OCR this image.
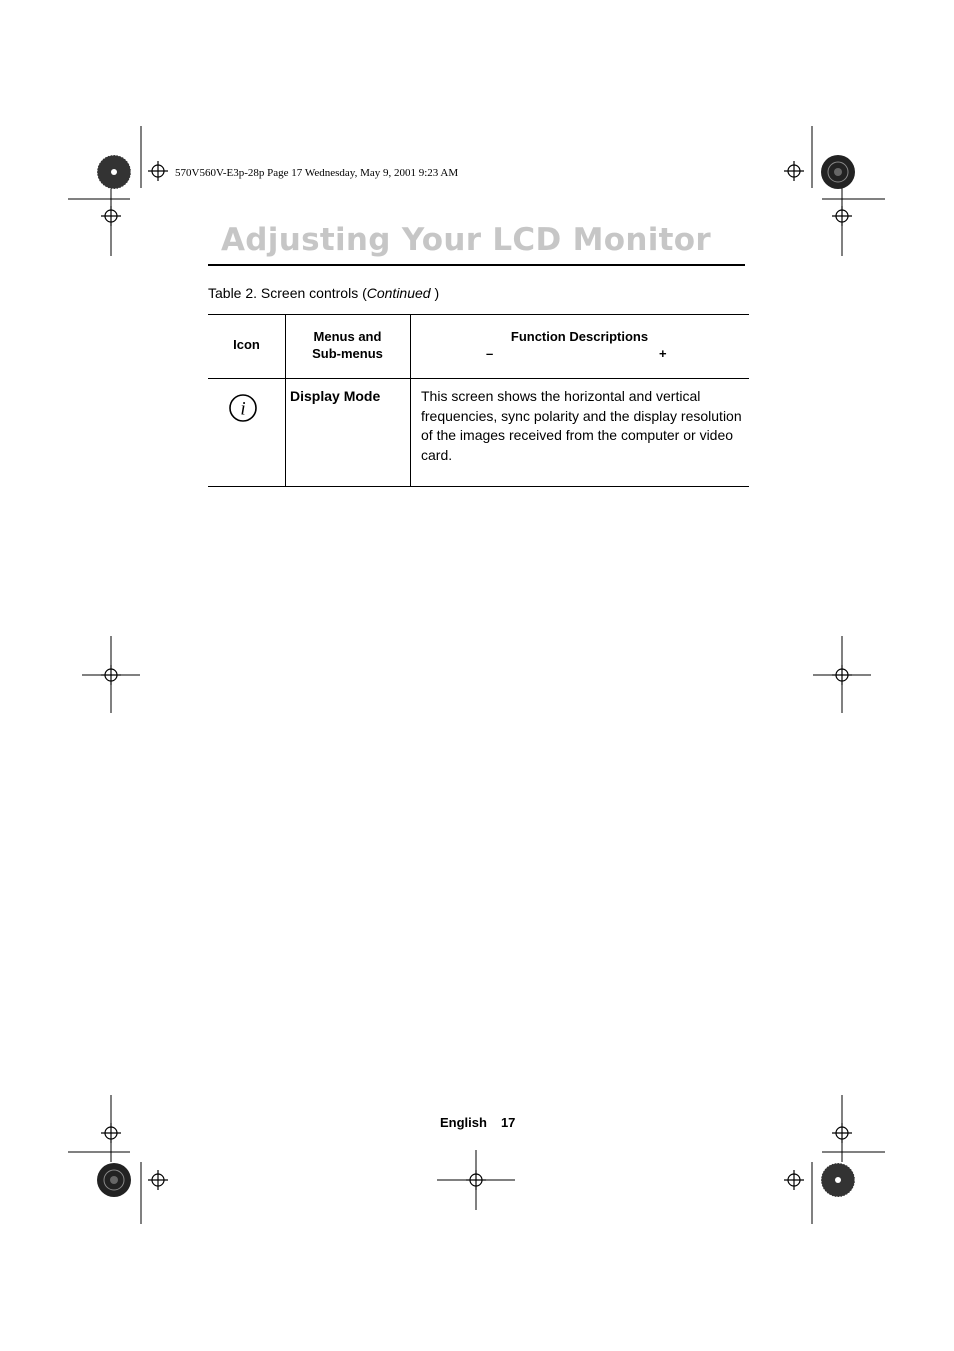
570V560V-E3p-28p Page 17 Wednesday, May 9, 2001 9:23 AM
Adjusting Your LCD Monitor
Table 2. Screen controls (Continued )
Icon
Menus and
Sub-menus
Function Descriptions
–	+
i
Display Mode	This screen shows the horizontal and vertical frequencies, sync polarity and the display resolution of the images received from the computer or video card.
English 17
